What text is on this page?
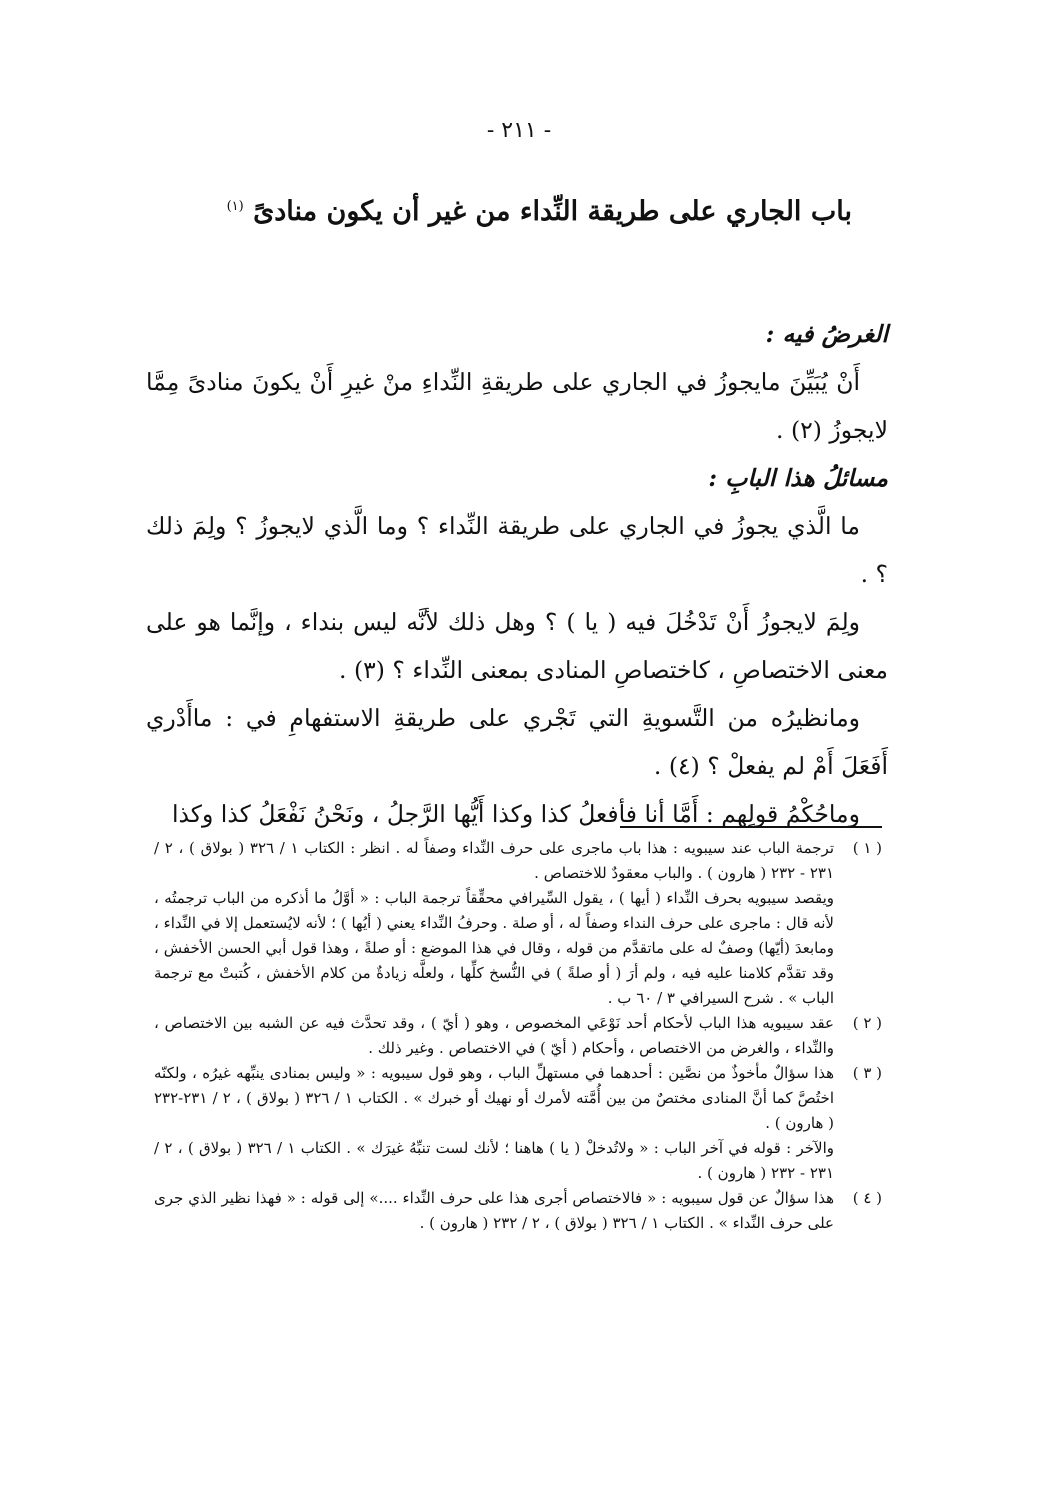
- ٢١١ -
باب الجاري على طريقة النِّداء من غير أن يكون منادىً $^{(١)}$

الغرضُ فيه :

أَنْ يُبَيِّنَ مايجوزُ في الجاري على طريقةِ النِّداءِ منْ غيرِ أَنْ يكونَ منادىً مِمَّا لايجوزُ (٢) .

مسائلُ هذا البابِ :

ما الَّذي يجوزُ في الجاري على طريقة النِّداء ؟ وما الَّذي لايجوزُ ؟ ولِمَ ذلك ؟ .

ولِمَ لايجوزُ أَنْ تَدْخُلَ فيه ( يا ) ؟ وهل ذلك لأنَّه ليس بنداء ، وإنَّما هو على معنى الاختصاصِ ، كاختصاصِ المنادى بمعنى النِّداء ؟ (٣) .

ومانظيرُه من التَّسويةِ التي تَجْري على طريقةِ الاستفهامِ في : ماأَدْري أَفَعَلَ أَمْ لم يفعلْ ؟ (٤) .

وماحُكْمُ قولِهم : أَمَّا أنا فأفعلُ كذا وكذا أَيُّها الرَّجلُ ، ونَحْنُ نَفْعَلُ كذا وكذا

( ١ )

ترجمة الباب عند سيبويه : هذا باب ماجرى على حرف النِّداء وصفاً له . انظر : الكتاب ١ / ٣٢٦ ( بولاق ) ، ٢ / ٢٣١ - ٢٣٢ ( هارون ) . والباب معقودٌ للاختصاص .

ويقصد سيبويه بحرف النِّداء ( أيها ) ، يقول السِّيرافي محقِّقاً ترجمة الباب : « أوَّلُ ما أذكره من الباب ترجمتُه ، لأنه قال : ماجرى على حرف النداء وصفاً له ، أو صلة . وحرفُ النِّداء يعني ( أيُها ) ؛ لأنه لايُستعمل إلا في النِّداء ، ومابعدَ (أيّها) وصفٌ له على ماتقدَّم من قوله ، وقال في هذا الموضع : أو صلةً ، وهذا قول أبي الحسن الأخفش ، وقد تقدَّم كلامنا عليه فيه ، ولم أرَ ( أو صلةً ) في النُّسخ كلِّها ، ولعلَّه زيادةٌ من كلام الأخفش ، كُتبتْ مع ترجمة الباب » . شرح السيرافي ٣ / ٦٠ ب .

( ٢ )

عقد سيبويه هذا الباب لأحكام أحد نَوْعَي المخصوص ، وهو ( أيّ ) ، وقد تحدَّث فيه عن الشبه بين الاختصاص ، والنِّداء ، والغرض من الاختصاص ، وأحكام ( أيّ ) في الاختصاص . وغير ذلك .

( ٣ )

هذا سؤالٌ مأخوذٌ من نصَّين : أحدهما في مستهلِّ الباب ، وهو قول سيبويه : « وليس بمنادى ينبِّهه غيرُه ، ولكنّه اختُصَّ كما أنَّ المنادى مختصٌ من بين أُمَّته لأمرك أو نهيك أو خبرك » . الكتاب ١ / ٣٢٦ ( بولاق ) ، ٢ / ٢٣١-٢٣٢ ( هارون ) .

والآخر : قوله في آخر الباب : « ولاتُدخلْ ( يا ) هاهنا ؛ لأنك لست تنبِّهُ غيرَك » . الكتاب ١ / ٣٢٦ ( بولاق ) ، ٢ / ٢٣١ - ٢٣٢ ( هارون ) .

( ٤ )

هذا سؤالٌ عن قول سيبويه : « فالاختصاص أجرى هذا على حرف النِّداء ....» إلى قوله : « فهذا نظير الذي جرى على حرف النِّداء » . الكتاب ١ / ٣٢٦ ( بولاق ) ، ٢ / ٢٣٢ ( هارون ) .
